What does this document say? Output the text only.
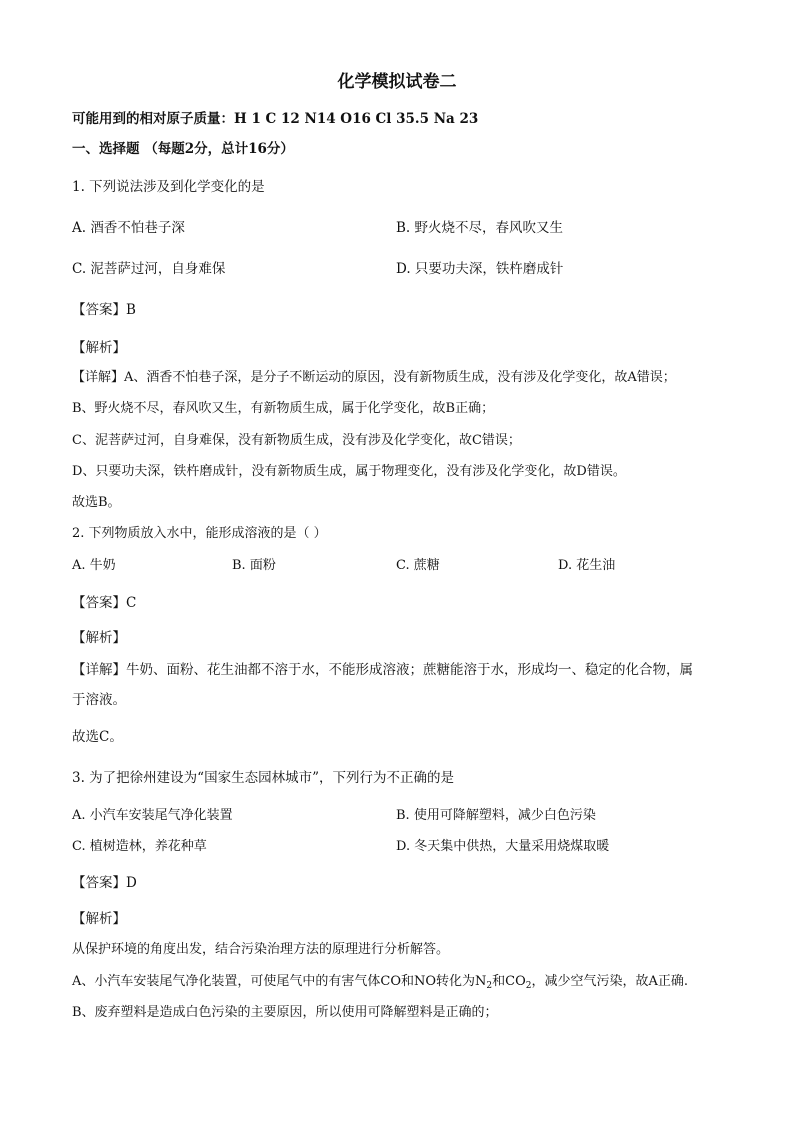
化学模拟试卷二
可能用到的相对原子质量：H 1 C 12 N14 O16 Cl 35.5 Na 23
一、选择题 （每题2分，总计16分）
1. 下列说法涉及到化学变化的是
A. 酒香不怕巷子深	B. 野火烧不尽，春风吹又生
C. 泥菩萨过河，自身难保	D. 只要功夫深，铁杵磨成针
【答案】B
【解析】
【详解】A、酒香不怕巷子深，是分子不断运动的原因，没有新物质生成，没有涉及化学变化，故A错误；
B、野火烧不尽，春风吹又生，有新物质生成，属于化学变化，故B正确；
C、泥菩萨过河，自身难保，没有新物质生成，没有涉及化学变化，故C错误；
D、只要功夫深，铁杵磨成针，没有新物质生成，属于物理变化，没有涉及化学变化，故D错误。
故选B。
2. 下列物质放入水中，能形成溶液的是（ ）
A. 牛奶	B. 面粉	C. 蔗糖	D. 花生油
【答案】C
【解析】
【详解】牛奶、面粉、花生油都不溶于水，不能形成溶液；蔗糖能溶于水，形成均一、稳定的化合物，属
于溶液。
故选C。
3. 为了把徐州建设为“国家生态园林城市”，下列行为不正确的是
A. 小汽车安装尾气净化装置	B. 使用可降解塑料，减少白色污染
C. 植树造林，养花种草	D. 冬天集中供热，大量采用烧煤取暖
【答案】D
【解析】
从保护环境的角度出发，结合污染治理方法的原理进行分析解答。
A、小汽车安装尾气净化装置，可使尾气中的有害气体CO和NO转化为$N_2$和$CO_2$，减少空气污染，故A正确.
B、废弃塑料是造成白色污染的主要原因，所以使用可降解塑料是正确的；
